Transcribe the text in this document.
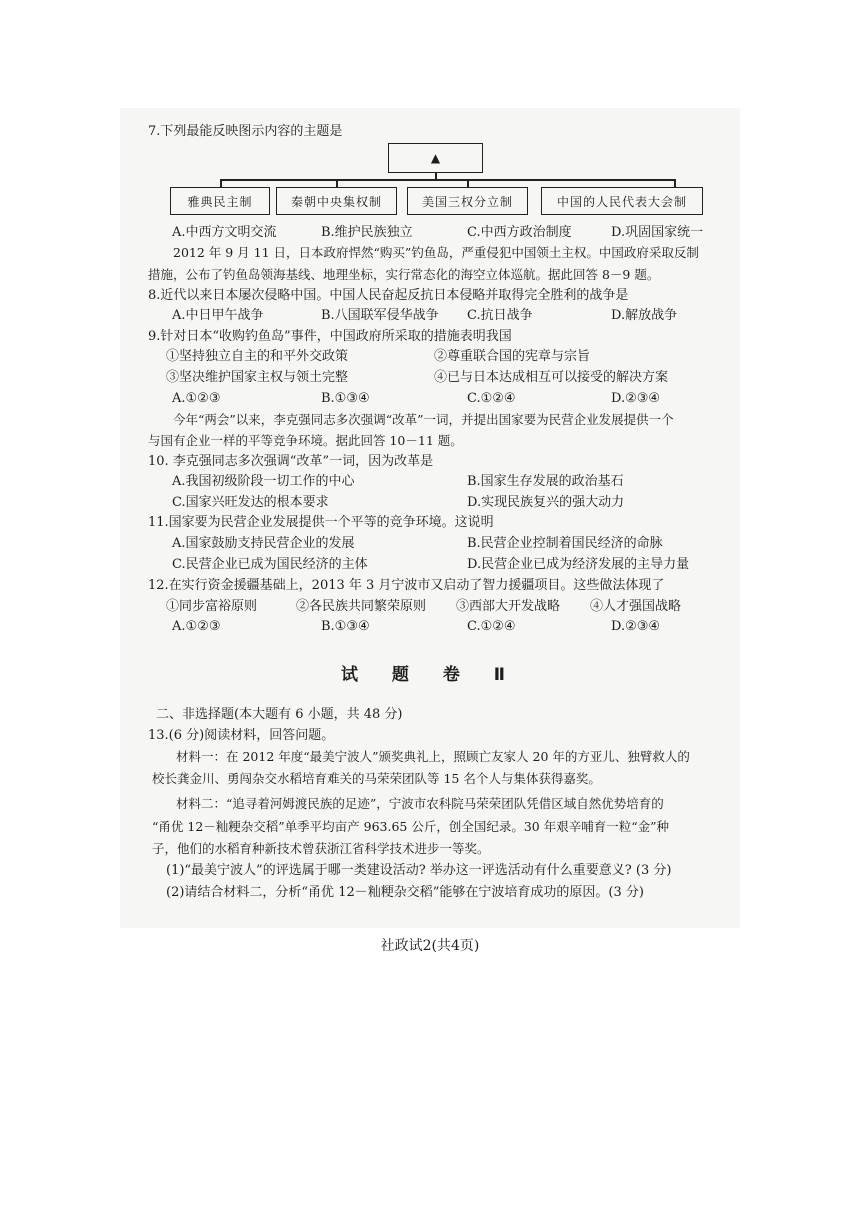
7.下列最能反映图示内容的主题是
▲
雅典民主制	秦朝中央集权制	美国三权分立制	中国的人民代表大会制
A.中西方文明交流	B.维护民族独立	C.中西方政治制度	D.巩固国家统一
2012 年 9 月 11 日，日本政府悍然“购买”钓鱼岛，严重侵犯中国领土主权。中国政府采取反制
措施，公布了钓鱼岛领海基线、地理坐标，实行常态化的海空立体巡航。据此回答 8－9 题。
8.近代以来日本屡次侵略中国。中国人民奋起反抗日本侵略并取得完全胜利的战争是
A.中日甲午战争	B.八国联军侵华战争 C.抗日战争	D.解放战争
9.针对日本“收购钓鱼岛”事件，中国政府所采取的措施表明我国
①坚持独立自主的和平外交政策	②尊重联合国的宪章与宗旨
③坚决维护国家主权与领土完整	④已与日本达成相互可以接受的解决方案
A.①②③	B.①③④	C.①②④	D.②③④
今年“两会”以来，李克强同志多次强调“改革”一词，并提出国家要为民营企业发展提供一个
与国有企业一样的平等竞争环境。据此回答 10－11 题。
10. 李克强同志多次强调“改革”一词，因为改革是
A.我国初级阶段一切工作的中心	B.国家生存发展的政治基石
C.国家兴旺发达的根本要求	D.实现民族复兴的强大动力
11.国家要为民营企业发展提供一个平等的竞争环境。这说明
A.国家鼓励支持民营企业的发展	B.民营企业控制着国民经济的命脉
C.民营企业已成为国民经济的主体	D.民营企业已成为经济发展的主导力量
12.在实行资金援疆基础上，2013 年 3 月宁波市又启动了智力援疆项目。这些做法体现了
①同步富裕原则	②各民族共同繁荣原则 ③西部大开发战略 ④人才强国战略
A.①②③	B.①③④	C.①②④	D.②③④
试 题 卷 Ⅱ
二、非选择题(本大题有 6 小题，共 48 分)
13.(6 分)阅读材料，回答问题。
材料一：在 2012 年度“最美宁波人”颁奖典礼上，照顾亡友家人 20 年的方亚儿、独臂救人的
校长龚金川、勇闯杂交水稻培育难关的马荣荣团队等 15 名个人与集体获得嘉奖。
材料二：“追寻着河姆渡民族的足迹”，宁波市农科院马荣荣团队凭借区域自然优势培育的
“甬优 12－籼粳杂交稻”单季平均亩产 963.65 公斤，创全国纪录。30 年艰辛哺育一粒“金”种
子，他们的水稻育种新技术曾获浙江省科学技术进步一等奖。
(1)“最美宁波人”的评选属于哪一类建设活动? 举办这一评选活动有什么重要意义? (3 分)
(2)请结合材料二，分析“甬优 12－籼粳杂交稻”能够在宁波培育成功的原因。(3 分)
社政试2(共4页)
